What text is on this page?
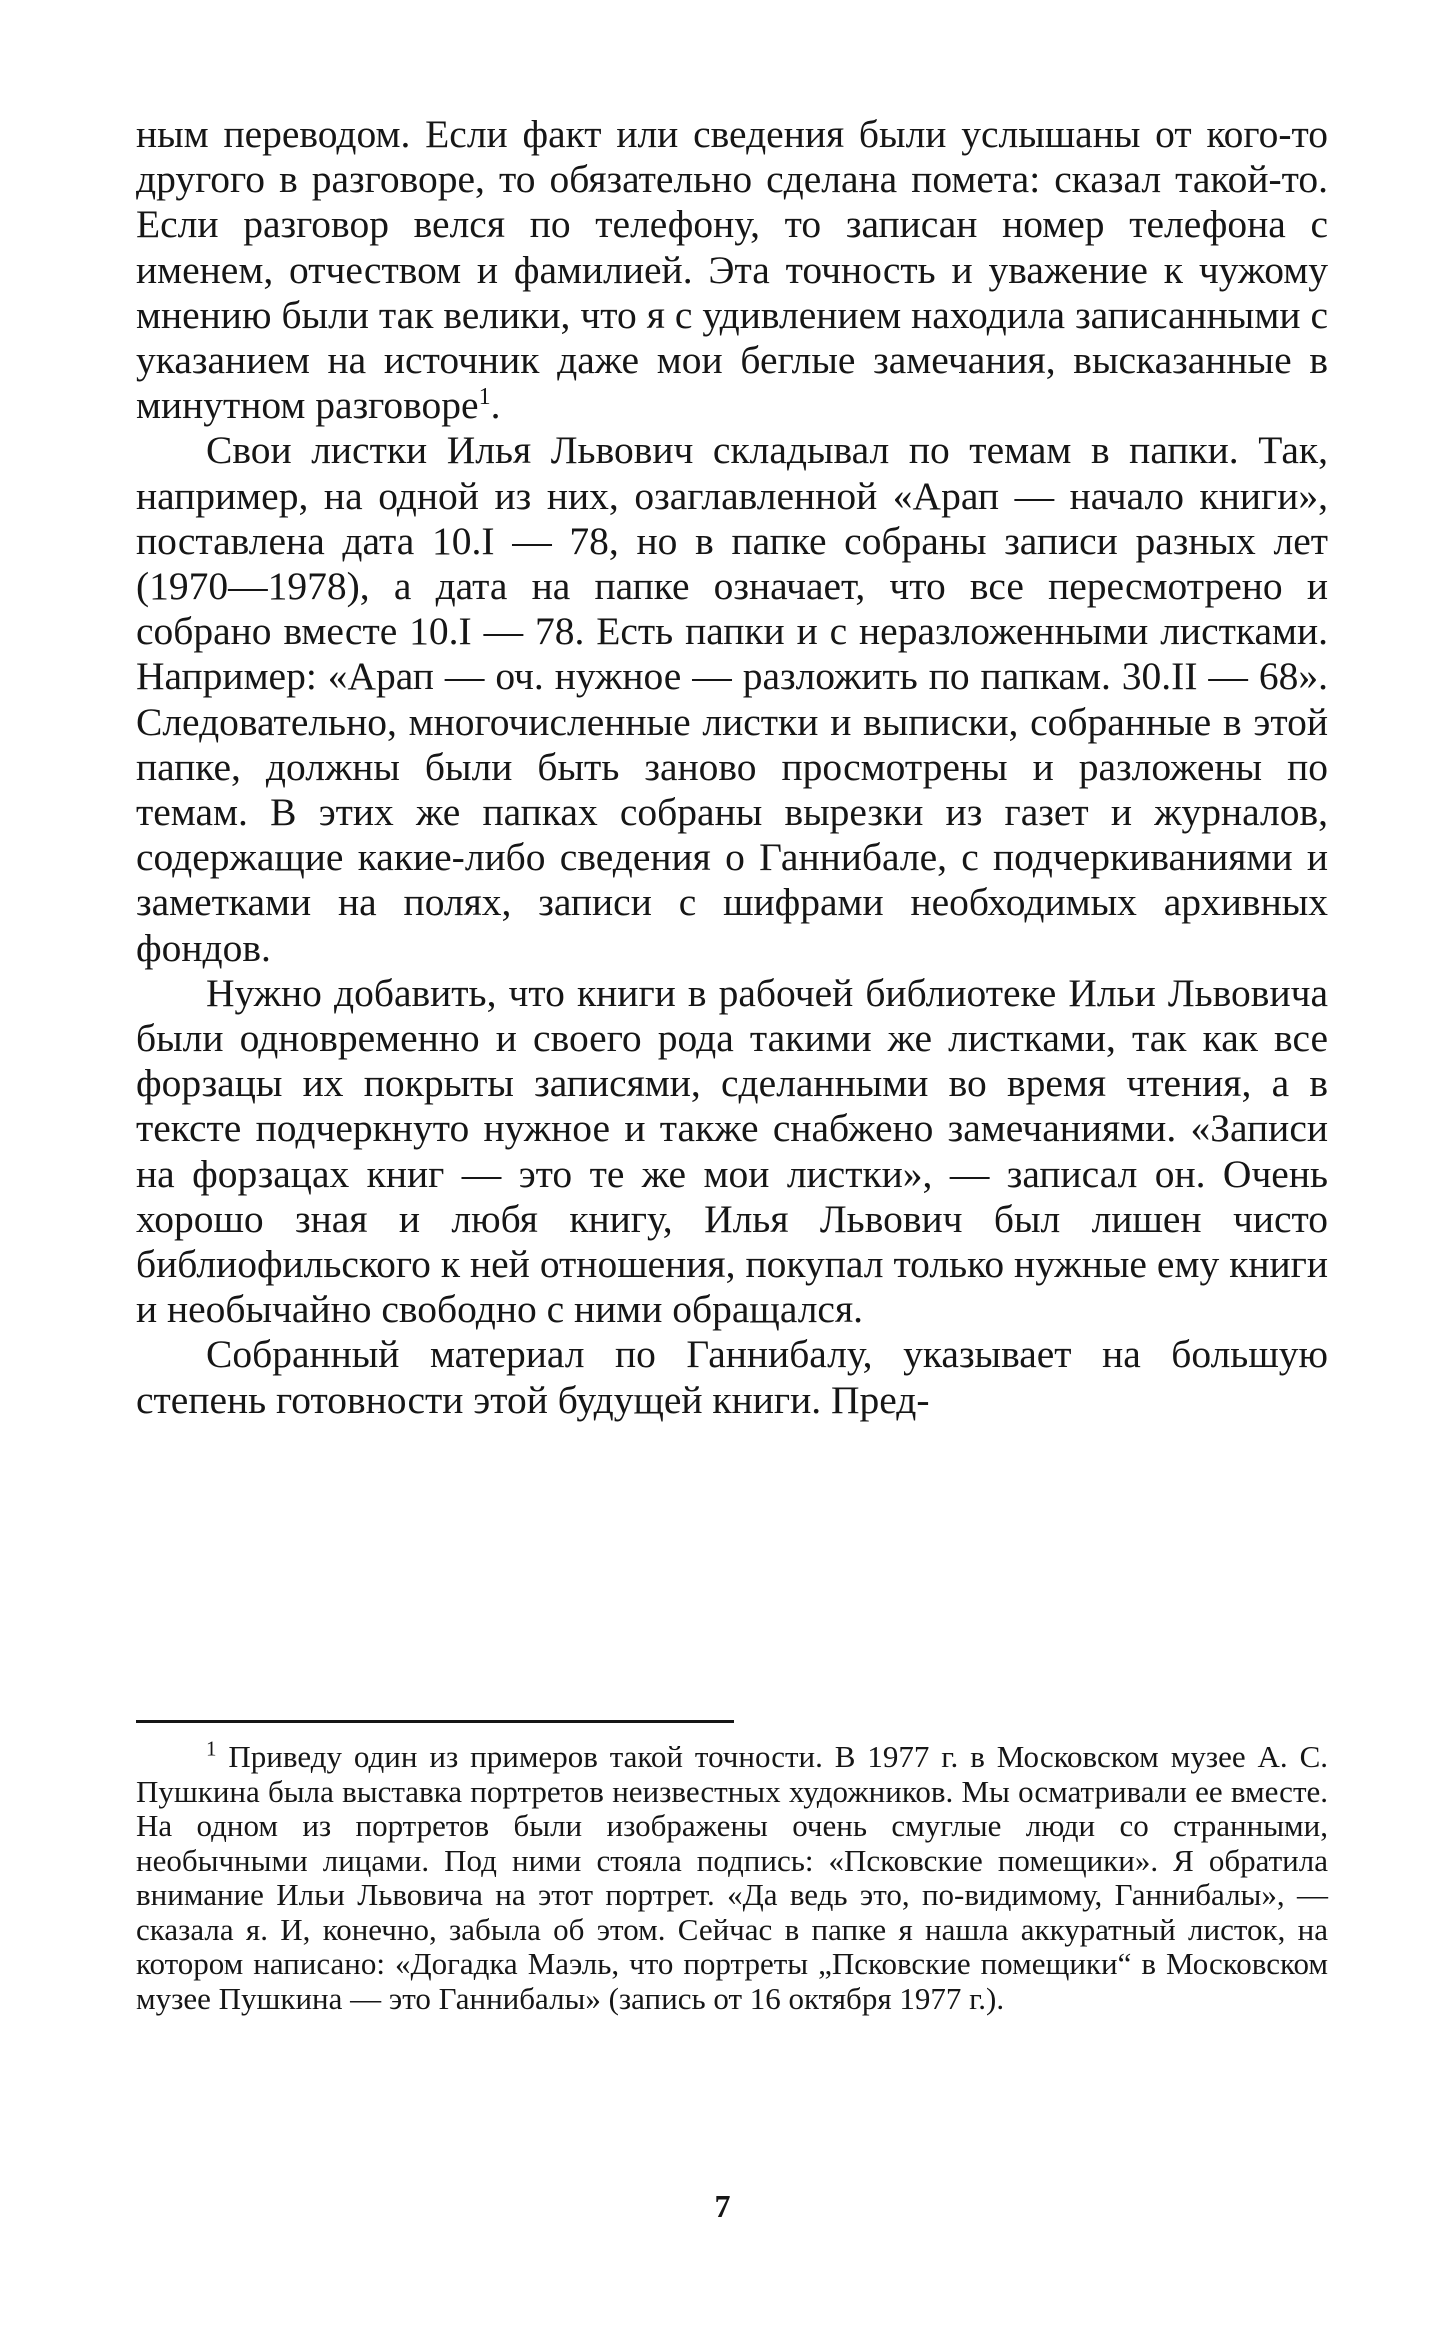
ным переводом. Если факт или сведения были услышаны от кого-то другого в разговоре, то обязательно сделана помета: сказал такой-то. Если разговор велся по телефону, то записан номер телефона с именем, отчеством и фамилией. Эта точность и уважение к чужому мнению были так велики, что я с удивлением находила записанными с указанием на источник даже мои беглые замечания, высказанные в минутном разговоре$^1$.

Свои листки Илья Львович складывал по темам в папки. Так, например, на одной из них, озаглавленной «Арап — начало книги», поставлена дата 10.I — 78, но в папке собраны записи разных лет (1970—1978), а дата на папке означает, что все пересмотрено и собрано вместе 10.I — 78. Есть папки и с неразложенными листками. Например: «Арап — оч. нужное — разложить по папкам. 30.II — 68». Следовательно, многочисленные листки и выписки, собранные в этой папке, должны были быть заново просмотрены и разложены по темам. В этих же папках собраны вырезки из газет и журналов, содержащие какие-либо сведения о Ганнибале, с подчеркиваниями и заметками на полях, записи с шифрами необходимых архивных фондов.

Нужно добавить, что книги в рабочей библиотеке Ильи Львовича были одновременно и своего рода такими же листками, так как все форзацы их покрыты записями, сделанными во время чтения, а в тексте подчеркнуто нужное и также снабжено замечаниями. «Записи на форзацах книг — это те же мои листки», — записал он. Очень хорошо зная и любя книгу, Илья Львович был лишен чисто библиофильского к ней отношения, покупал только нужные ему книги и необычайно свободно с ними обращался.

Собранный материал по Ганнибалу, указывает на большую степень готовности этой будущей книги. Пред-

$^1$ Приведу один из примеров такой точности. В 1977 г. в Московском музее А. С. Пушкина была выставка портретов неизвестных художников. Мы осматривали ее вместе. На одном из портретов были изображены очень смуглые люди со странными, необычными лицами. Под ними стояла подпись: «Псковские помещики». Я обратила внимание Ильи Львовича на этот портрет. «Да ведь это, по-видимому, Ганнибалы», — сказала я. И, конечно, забыла об этом. Сейчас в папке я нашла аккуратный листок, на котором написано: «Догадка Маэль, что портреты „Псковские помещики“ в Московском музее Пушкина — это Ганнибалы» (запись от 16 октября 1977 г.).

7
